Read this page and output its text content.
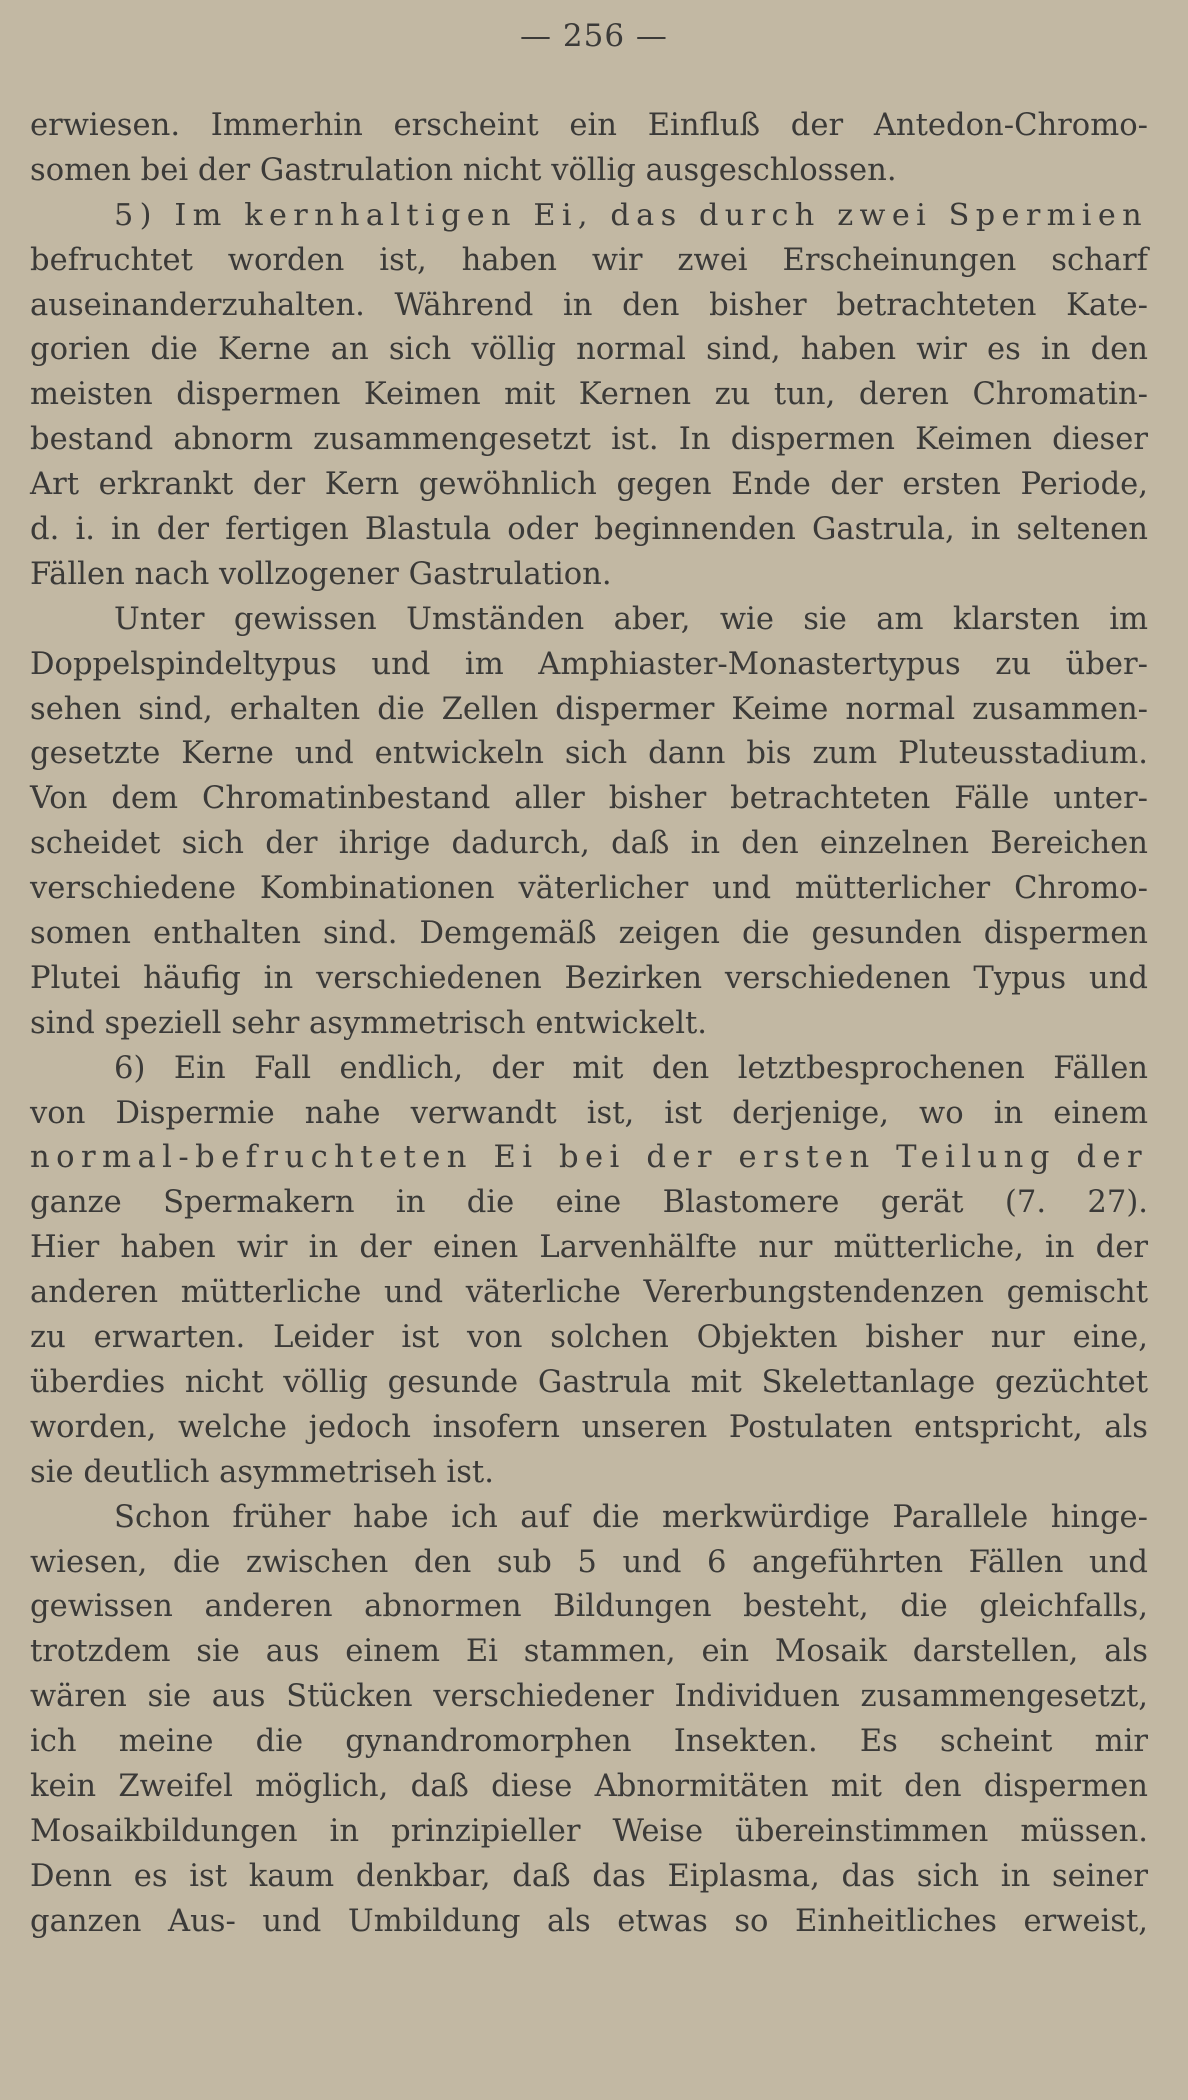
— 256 —
erwiesen. Immerhin erscheint ein Einfluß der Antedon-Chromo-
somen bei der Gastrulation nicht völlig ausgeschlossen.
5) Im kernhaltigen Ei, das durch zwei Spermien
befruchtet worden ist, haben wir zwei Erscheinungen scharf
auseinanderzuhalten. Während in den bisher betrachteten Kate-
gorien die Kerne an sich völlig normal sind, haben wir es in den
meisten dispermen Keimen mit Kernen zu tun, deren Chromatin-
bestand abnorm zusammengesetzt ist. In dispermen Keimen dieser
Art erkrankt der Kern gewöhnlich gegen Ende der ersten Periode,
d. i. in der fertigen Blastula oder beginnenden Gastrula, in seltenen
Fällen nach vollzogener Gastrulation.
Unter gewissen Umständen aber, wie sie am klarsten im
Doppelspindeltypus und im Amphiaster-Monastertypus zu über-
sehen sind, erhalten die Zellen dispermer Keime normal zusammen-
gesetzte Kerne und entwickeln sich dann bis zum Pluteusstadium.
Von dem Chromatinbestand aller bisher betrachteten Fälle unter-
scheidet sich der ihrige dadurch, daß in den einzelnen Bereichen
verschiedene Kombinationen väterlicher und mütterlicher Chromo-
somen enthalten sind. Demgemäß zeigen die gesunden dispermen
Plutei häufig in verschiedenen Bezirken verschiedenen Typus und
sind speziell sehr asymmetrisch entwickelt.
6) Ein Fall endlich, der mit den letztbesprochenen Fällen
von Dispermie nahe verwandt ist, ist derjenige, wo in einem
normal-befruchteten Ei bei der ersten Teilung der
ganze Spermakern in die eine Blastomere gerät (7. 27).
Hier haben wir in der einen Larvenhälfte nur mütterliche, in der
anderen mütterliche und väterliche Vererbungstendenzen gemischt
zu erwarten. Leider ist von solchen Objekten bisher nur eine,
überdies nicht völlig gesunde Gastrula mit Skelettanlage gezüchtet
worden, welche jedoch insofern unseren Postulaten entspricht, als
sie deutlich asymmetriseh ist.
Schon früher habe ich auf die merkwürdige Parallele hinge-
wiesen, die zwischen den sub 5 und 6 angeführten Fällen und
gewissen anderen abnormen Bildungen besteht, die gleichfalls,
trotzdem sie aus einem Ei stammen, ein Mosaik darstellen, als
wären sie aus Stücken verschiedener Individuen zusammengesetzt,
ich meine die gynandromorphen Insekten. Es scheint mir
kein Zweifel möglich, daß diese Abnormitäten mit den dispermen
Mosaikbildungen in prinzipieller Weise übereinstimmen müssen.
Denn es ist kaum denkbar, daß das Eiplasma, das sich in seiner
ganzen Aus- und Umbildung als etwas so Einheitliches erweist,
